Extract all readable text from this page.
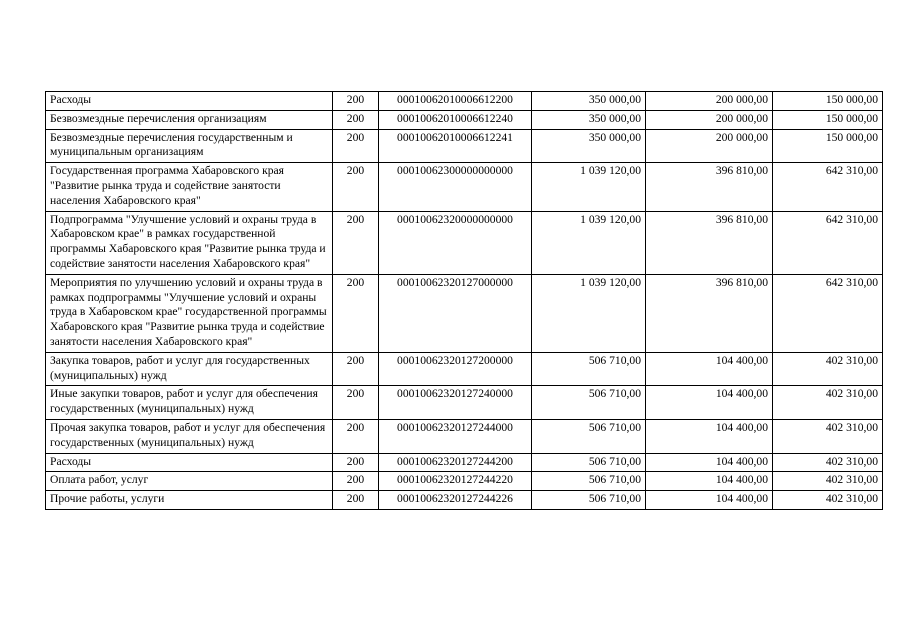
Расходы	200	00010062010006612200	350 000,00	200 000,00	150 000,00
Безвозмездные перечисления организациям	200	00010062010006612240	350 000,00	200 000,00	150 000,00
Безвозмездные перечисления государственным и муниципальным организациям	200	00010062010006612241	350 000,00	200 000,00	150 000,00
Государственная программа Хабаровского края "Развитие рынка труда и содействие занятости населения Хабаровского края"	200	00010062300000000000	1 039 120,00	396 810,00	642 310,00
Подпрограмма "Улучшение условий и охраны труда в Хабаровском крае" в рамках государственной программы Хабаровского края "Развитие рынка труда и содействие занятости населения Хабаровского края"	200	00010062320000000000	1 039 120,00	396 810,00	642 310,00
Мероприятия по улучшению условий и охраны труда в рамках подпрограммы "Улучшение условий и охраны труда в Хабаровском крае" государственной программы Хабаровского края "Развитие рынка труда и содействие занятости населения Хабаровского края"	200	00010062320127000000	1 039 120,00	396 810,00	642 310,00
Закупка товаров, работ и услуг для государственных (муниципальных) нужд	200	00010062320127200000	506 710,00	104 400,00	402 310,00
Иные закупки товаров, работ и услуг для обеспечения государственных (муниципальных) нужд	200	00010062320127240000	506 710,00	104 400,00	402 310,00
Прочая закупка товаров, работ и услуг для обеспечения государственных (муниципальных) нужд	200	00010062320127244000	506 710,00	104 400,00	402 310,00
Расходы	200	00010062320127244200	506 710,00	104 400,00	402 310,00
Оплата работ, услуг	200	00010062320127244220	506 710,00	104 400,00	402 310,00
Прочие работы, услуги	200	00010062320127244226	506 710,00	104 400,00	402 310,00
